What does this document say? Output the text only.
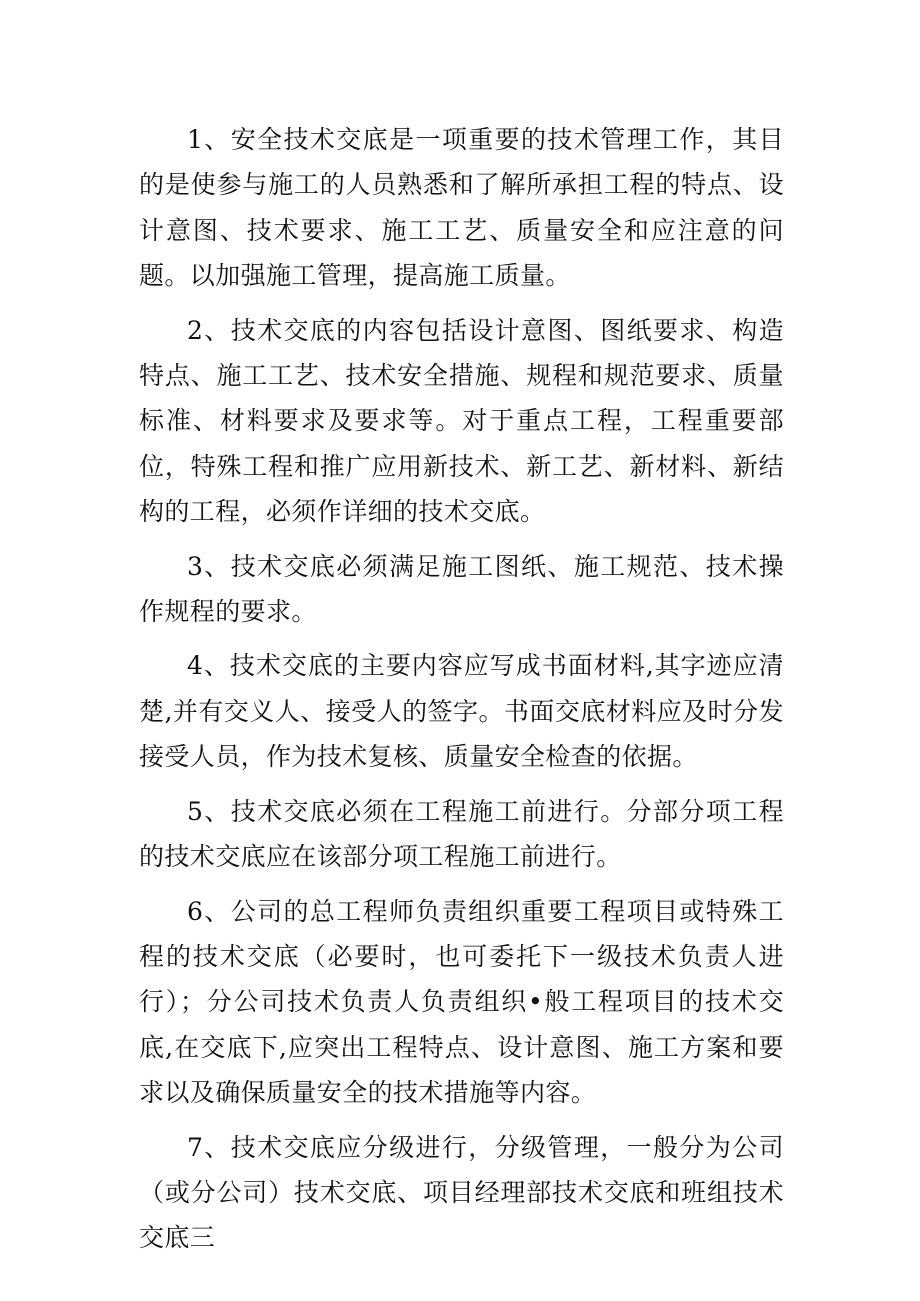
1、安全技术交底是一项重要的技术管理工作，其目的是使参与施工的人员熟悉和了解所承担工程的特点、设计意图、技术要求、施工工艺、质量安全和应注意的问题。以加强施工管理，提高施工质量。

2、技术交底的内容包括设计意图、图纸要求、构造特点、施工工艺、技术安全措施、规程和规范要求、质量标准、材料要求及要求等。对于重点工程，工程重要部位，特殊工程和推广应用新技术、新工艺、新材料、新结构的工程，必须作详细的技术交底。

3、技术交底必须满足施工图纸、施工规范、技术操作规程的要求。

4、技术交底的主要内容应写成书面材料,其字迹应清楚,并有交义人、接受人的签字。书面交底材料应及时分发接受人员，作为技术复核、质量安全检查的依据。

5、技术交底必须在工程施工前进行。分部分项工程的技术交底应在该部分项工程施工前进行。

6、公司的总工程师负责组织重要工程项目或特殊工程的技术交底（必要时，也可委托下一级技术负责人进行）；分公司技术负责人负责组织•般工程项目的技术交底,在交底下,应突出工程特点、设计意图、施工方案和要求以及确保质量安全的技术措施等内容。

7、技术交底应分级进行，分级管理，一般分为公司（或分公司）技术交底、项目经理部技术交底和班组技术交底三
